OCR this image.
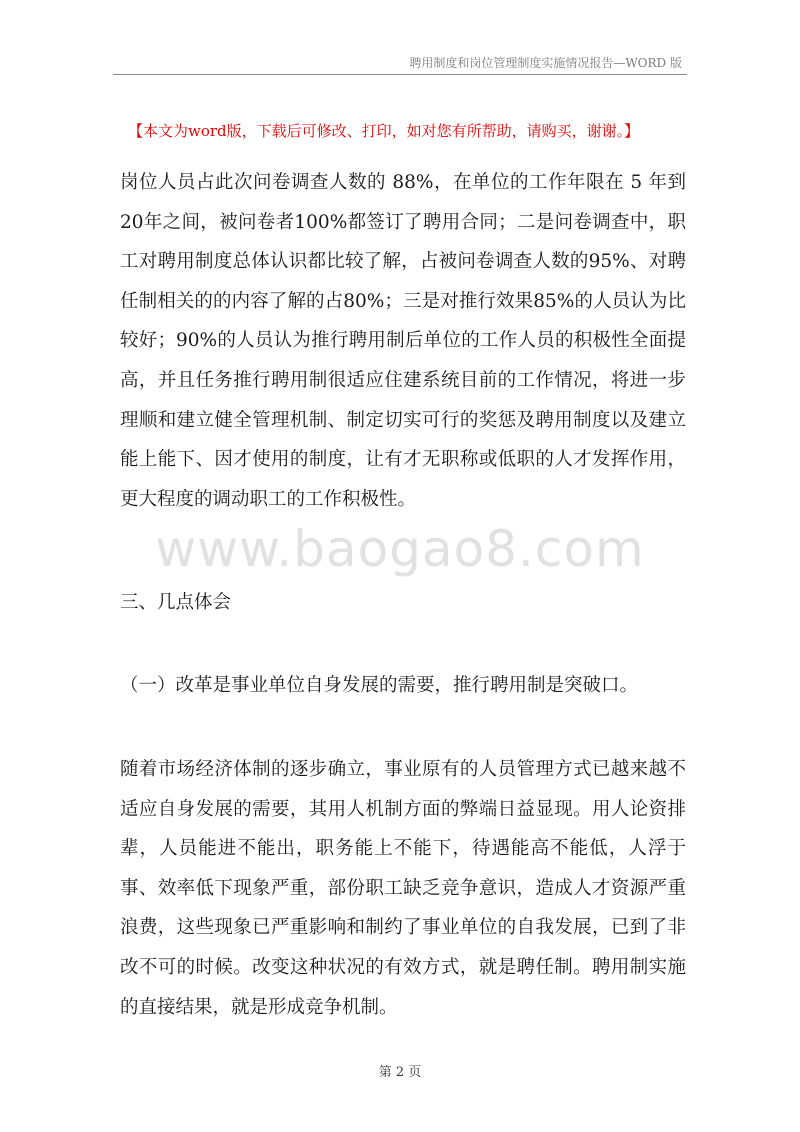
聘用制度和岗位管理制度实施情况报告—WORD 版
【本文为word版，下载后可修改、打印，如对您有所帮助，请购买，谢谢。】

岗位人员占此次问卷调查人数的 88%，在单位的工作年限在 5 年到20年之间，被问卷者100%都签订了聘用合同；二是问卷调查中，职工对聘用制度总体认识都比较了解，占被问卷调查人数的95%、对聘任制相关的的内容了解的占80%；三是对推行效果85%的人员认为比较好；90%的人员认为推行聘用制后单位的工作人员的积极性全面提高，并且任务推行聘用制很适应住建系统目前的工作情况，将进一步理顺和建立健全管理机制、制定切实可行的奖惩及聘用制度以及建立能上能下、因才使用的制度，让有才无职称或低职的人才发挥作用，更大程度的调动职工的工作积极性。

www.baogao8.com

三、几点体会

（一）改革是事业单位自身发展的需要，推行聘用制是突破口。

随着市场经济体制的逐步确立，事业原有的人员管理方式已越来越不适应自身发展的需要，其用人机制方面的弊端日益显现。用人论资排辈，人员能进不能出，职务能上不能下，待遇能高不能低，人浮于事、效率低下现象严重，部份职工缺乏竞争意识，造成人才资源严重浪费，这些现象已严重影响和制约了事业单位的自我发展，已到了非改不可的时候。改变这种状况的有效方式，就是聘任制。聘用制实施的直接结果，就是形成竞争机制。

第 2 页
